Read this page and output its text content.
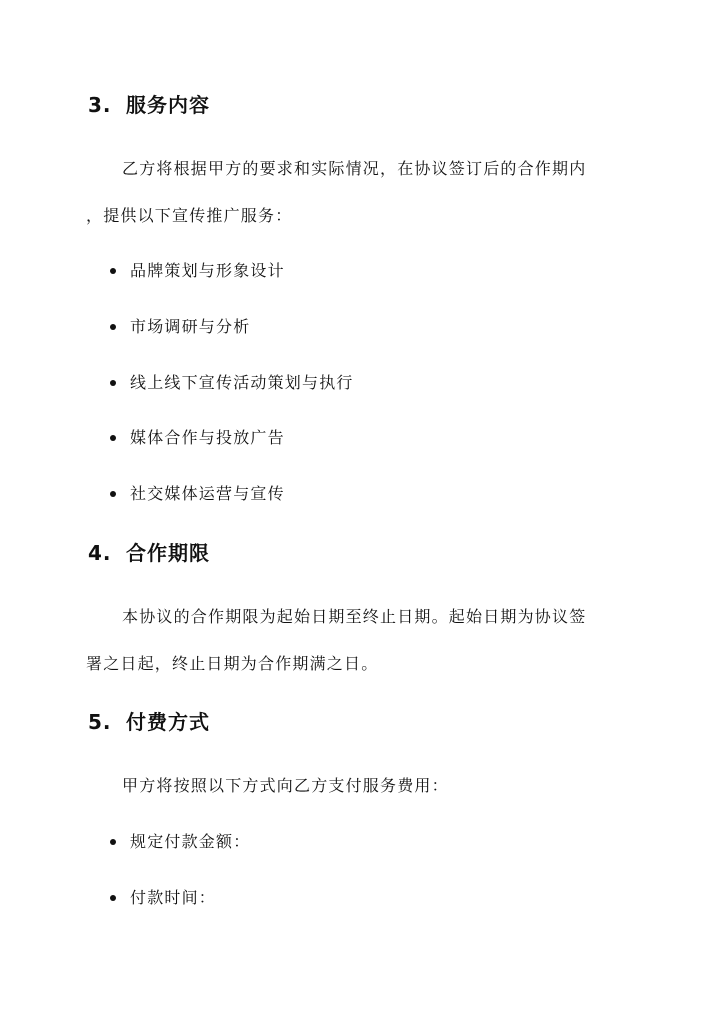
3. 服务内容
乙方将根据甲方的要求和实际情况，在协议签订后的合作期内
，提供以下宣传推广服务：
品牌策划与形象设计
市场调研与分析
线上线下宣传活动策划与执行
媒体合作与投放广告
社交媒体运营与宣传
4. 合作期限
本协议的合作期限为起始日期至终止日期。起始日期为协议签
署之日起，终止日期为合作期满之日。
5. 付费方式
甲方将按照以下方式向乙方支付服务费用：
规定付款金额：
付款时间：
